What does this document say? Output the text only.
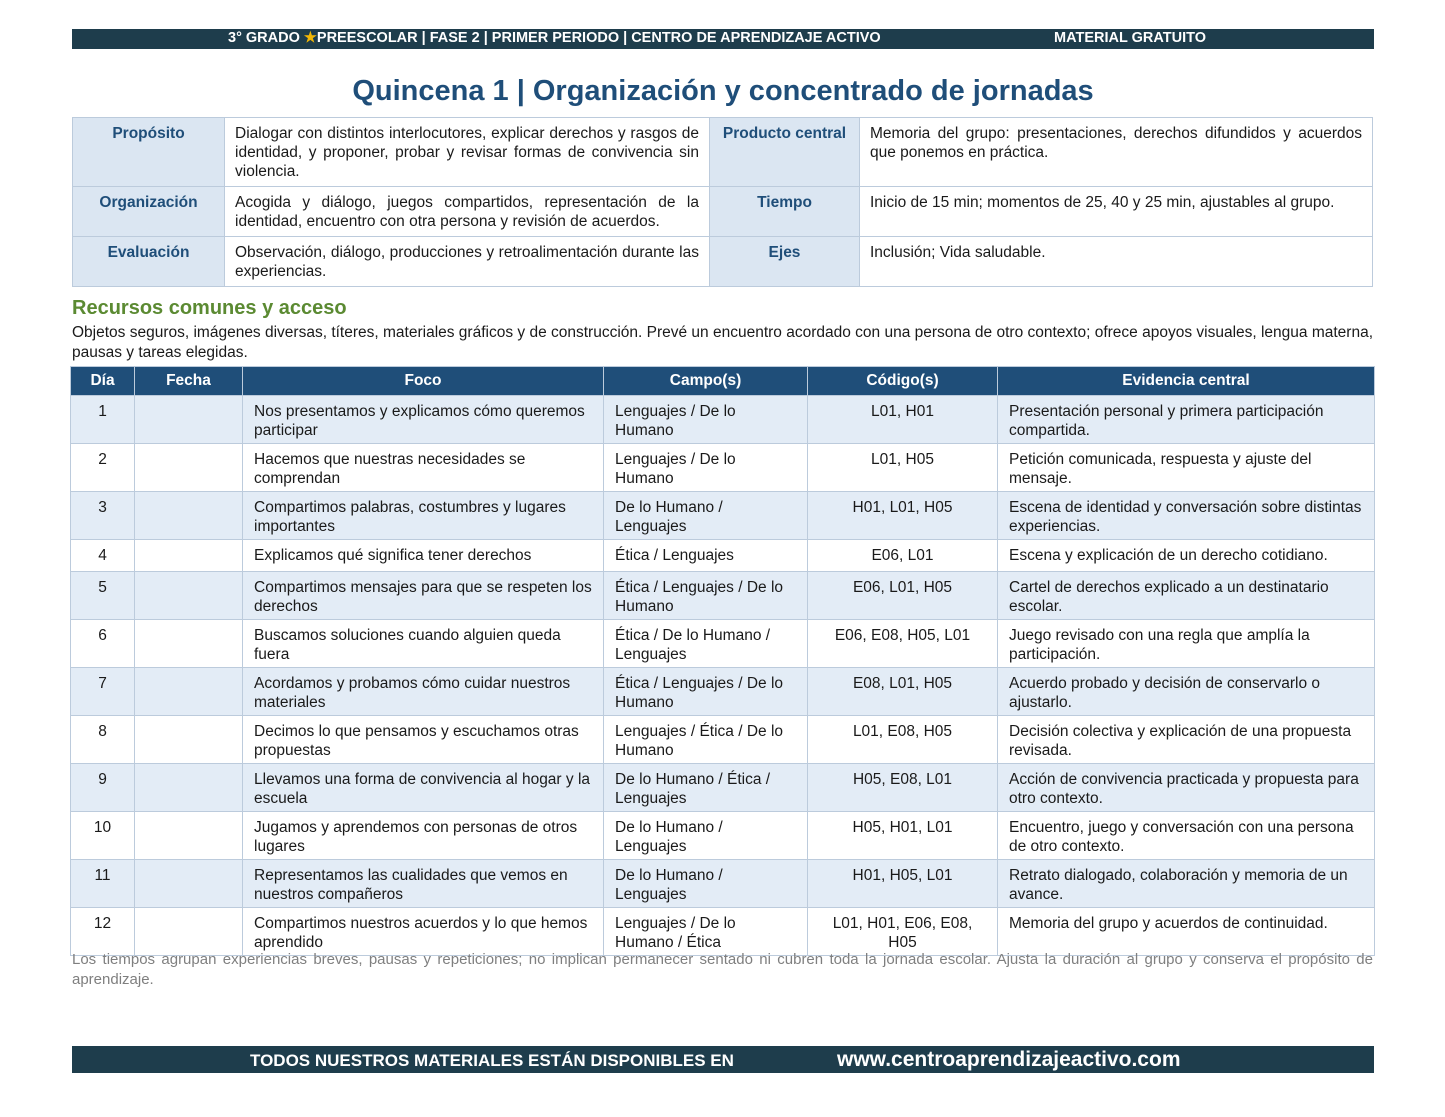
3° GRADO ★PREESCOLAR | FASE 2 | PRIMER PERIODO | CENTRO DE APRENDIZAJE ACTIVO	MATERIAL GRATUITO
Quincena 1 | Organización y concentrado de jornadas
Propósito	Dialogar con distintos interlocutores, explicar derechos y rasgos de identidad, y proponer, probar y revisar formas de convivencia sin violencia.	Producto central	Memoria del grupo: presentaciones, derechos difundidos y acuerdos que ponemos en práctica.
Organización	Acogida y diálogo, juegos compartidos, representación de la identidad, encuentro con otra persona y revisión de acuerdos.	Tiempo	Inicio de 15 min; momentos de 25, 40 y 25 min, ajustables al grupo.
Evaluación	Observación, diálogo, producciones y retroalimentación durante las experiencias.	Ejes	Inclusión; Vida saludable.
Recursos comunes y acceso

Objetos seguros, imágenes diversas, títeres, materiales gráficos y de construcción. Prevé un encuentro acordado con una persona de otro contexto; ofrece apoyos visuales, lengua materna, pausas y tareas elegidas.

Día	Fecha	Foco	Campo(s)	Código(s)	Evidencia central
1		Nos presentamos y explicamos cómo queremos participar	Lenguajes / De lo Humano	L01, H01	Presentación personal y primera participación compartida.
2		Hacemos que nuestras necesidades se comprendan	Lenguajes / De lo Humano	L01, H05	Petición comunicada, respuesta y ajuste del mensaje.
3		Compartimos palabras, costumbres y lugares importantes	De lo Humano / Lenguajes	H01, L01, H05	Escena de identidad y conversación sobre distintas experiencias.
4		Explicamos qué significa tener derechos	Ética / Lenguajes	E06, L01	Escena y explicación de un derecho cotidiano.
5		Compartimos mensajes para que se respeten los derechos	Ética / Lenguajes / De lo Humano	E06, L01, H05	Cartel de derechos explicado a un destinatario escolar.
6		Buscamos soluciones cuando alguien queda fuera	Ética / De lo Humano / Lenguajes	E06, E08, H05, L01	Juego revisado con una regla que amplía la participación.
7		Acordamos y probamos cómo cuidar nuestros materiales	Ética / Lenguajes / De lo Humano	E08, L01, H05	Acuerdo probado y decisión de conservarlo o ajustarlo.
8		Decimos lo que pensamos y escuchamos otras propuestas	Lenguajes / Ética / De lo Humano	L01, E08, H05	Decisión colectiva y explicación de una propuesta revisada.
9		Llevamos una forma de convivencia al hogar y la escuela	De lo Humano / Ética / Lenguajes	H05, E08, L01	Acción de convivencia practicada y propuesta para otro contexto.
10		Jugamos y aprendemos con personas de otros lugares	De lo Humano / Lenguajes	H05, H01, L01	Encuentro, juego y conversación con una persona de otro contexto.
11		Representamos las cualidades que vemos en nuestros compañeros	De lo Humano / Lenguajes	H01, H05, L01	Retrato dialogado, colaboración y memoria de un avance.
12		Compartimos nuestros acuerdos y lo que hemos aprendido	Lenguajes / De lo Humano / Ética	L01, H01, E06, E08, H05	Memoria del grupo y acuerdos de continuidad.

Los tiempos agrupan experiencias breves, pausas y repeticiones; no implican permanecer sentado ni cubren toda la jornada escolar. Ajusta la duración al grupo y conserva el propósito de aprendizaje.

TODOS NUESTROS MATERIALES ESTÁN DISPONIBLES EN	www.centroaprendizajeactivo.com
